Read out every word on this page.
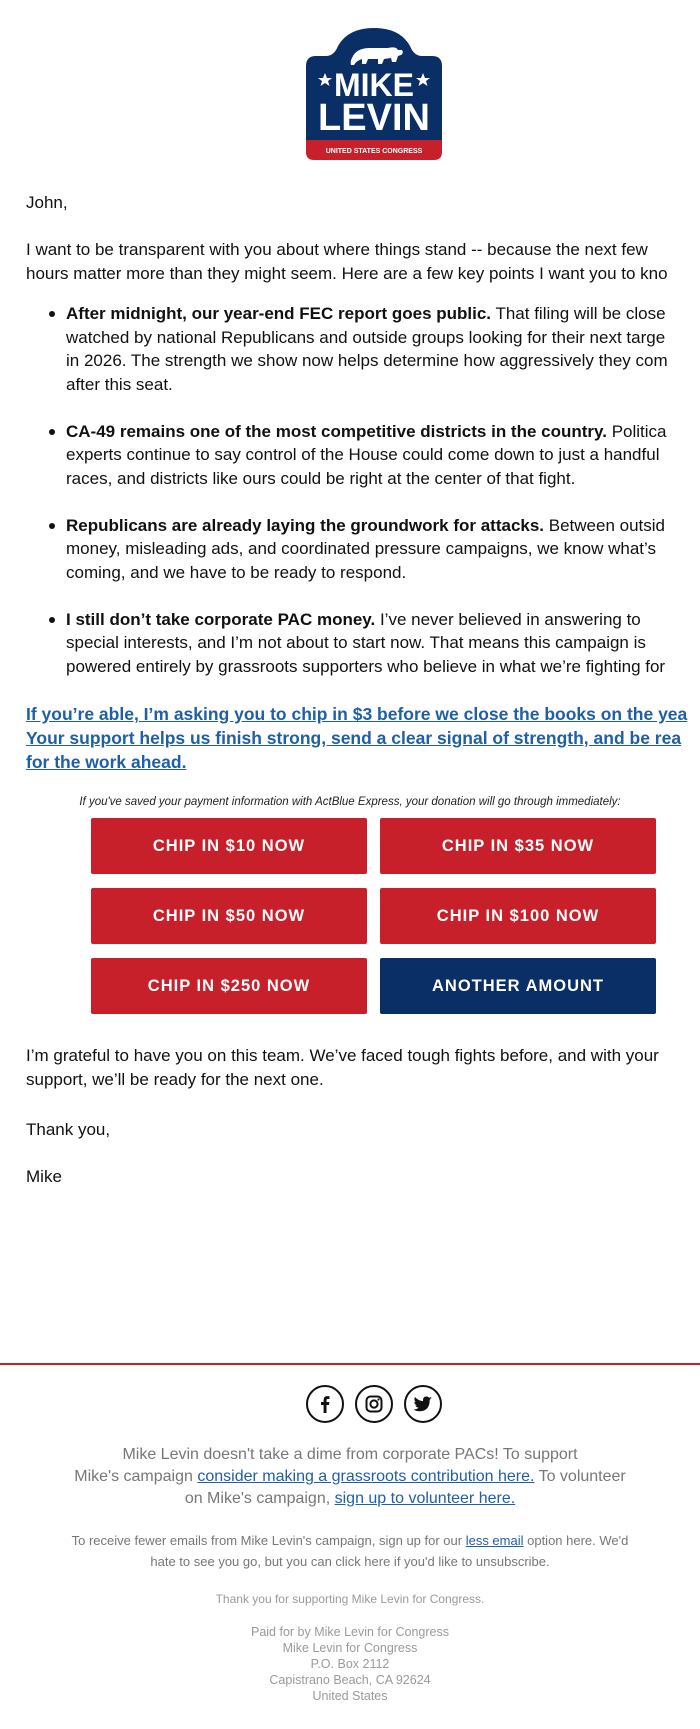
MIKE
LEVIN
UNITED STATES CONGRESS

John,

I want to be transparent with you about where things stand -- because the next few
hours matter more than they might seem. Here are a few key points I want you to kno

After midnight, our year-end FEC report goes public. That filing will be close
watched by national Republicans and outside groups looking for their next targe
in 2026. The strength we show now helps determine how aggressively they com
after this seat.
CA-49 remains one of the most competitive districts in the country. Politica
experts continue to say control of the House could come down to just a handful
races, and districts like ours could be right at the center of that fight.
Republicans are already laying the groundwork for attacks. Between outsid
money, misleading ads, and coordinated pressure campaigns, we know what’s
coming, and we have to be ready to respond.
I still don’t take corporate PAC money. I’ve never believed in answering to
special interests, and I’m not about to start now. That means this campaign is
powered entirely by grassroots supporters who believe in what we’re fighting for
If you’re able, I’m asking you to chip in $3 before we close the books on the yea
Your support helps us finish strong, send a clear signal of strength, and be rea
for the work ahead.
If you've saved your payment information with ActBlue Express, your donation will go through immediately:
CHIP IN $10 NOW	CHIP IN $35 NOW
CHIP IN $50 NOW	CHIP IN $100 NOW
CHIP IN $250 NOW	ANOTHER AMOUNT

I’m grateful to have you on this team. We’ve faced tough fights before, and with your
support, we’ll be ready for the next one.

Thank you,

Mike

Mike Levin doesn't take a dime from corporate PACs! To support
Mike's campaign consider making a grassroots contribution here. To volunteer
on Mike's campaign, sign up to volunteer here.
To receive fewer emails from Mike Levin's campaign, sign up for our less email option here. We'd
hate to see you go, but you can click here if you'd like to unsubscribe.
Thank you for supporting Mike Levin for Congress.
Paid for by Mike Levin for Congress
Mike Levin for Congress
P.O. Box 2112
Capistrano Beach, CA 92624
United States
